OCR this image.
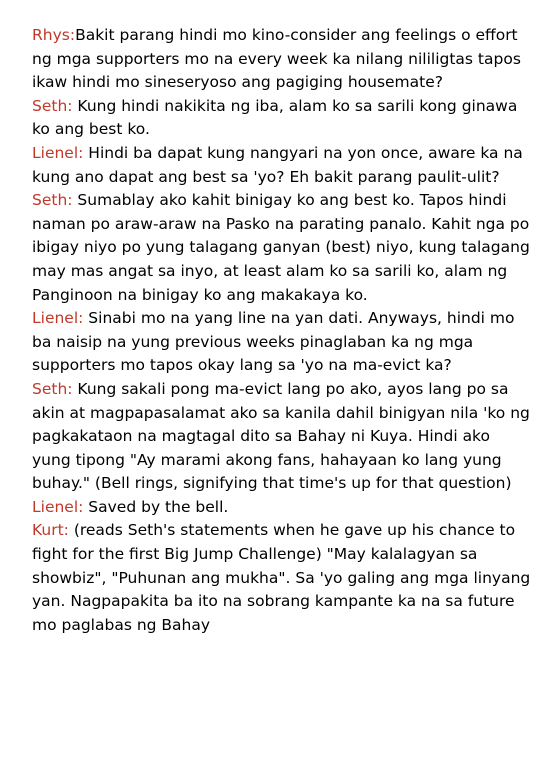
Rhys:Bakit parang hindi mo kino-consider ang feelings o effort ng mga supporters mo na every week ka nilang nililigtas tapos ikaw hindi mo sineseryoso ang pagiging housemate?

Seth: Kung hindi nakikita ng iba, alam ko sa sarili kong ginawa ko ang best ko.

Lienel: Hindi ba dapat kung nangyari na yon once, aware ka na kung ano dapat ang best sa 'yo? Eh bakit parang paulit-ulit?

Seth: Sumablay ako kahit binigay ko ang best ko. Tapos hindi naman po araw-araw na Pasko na parating panalo. Kahit nga po ibigay niyo po yung talagang ganyan (best) niyo, kung talagang may mas angat sa inyo, at least alam ko sa sarili ko, alam ng Panginoon na binigay ko ang makakaya ko.

Lienel: Sinabi mo na yang line na yan dati. Anyways, hindi mo ba naisip na yung previous weeks pinaglaban ka ng mga supporters mo tapos okay lang sa 'yo na ma-evict ka?

Seth: Kung sakali pong ma-evict lang po ako, ayos lang po sa akin at magpapasalamat ako sa kanila dahil binigyan nila 'ko ng pagkakataon na magtagal dito sa Bahay ni Kuya. Hindi ako yung tipong "Ay marami akong fans, hahayaan ko lang yung buhay." (Bell rings, signifying that time's up for that question)

Lienel: Saved by the bell.

Kurt: (reads Seth's statements when he gave up his chance to fight for the first Big Jump Challenge) "May kalalagyan sa showbiz", "Puhunan ang mukha". Sa 'yo galing ang mga linyang yan. Nagpapakita ba ito na sobrang kampante ka na sa future mo paglabas ng Bahay
